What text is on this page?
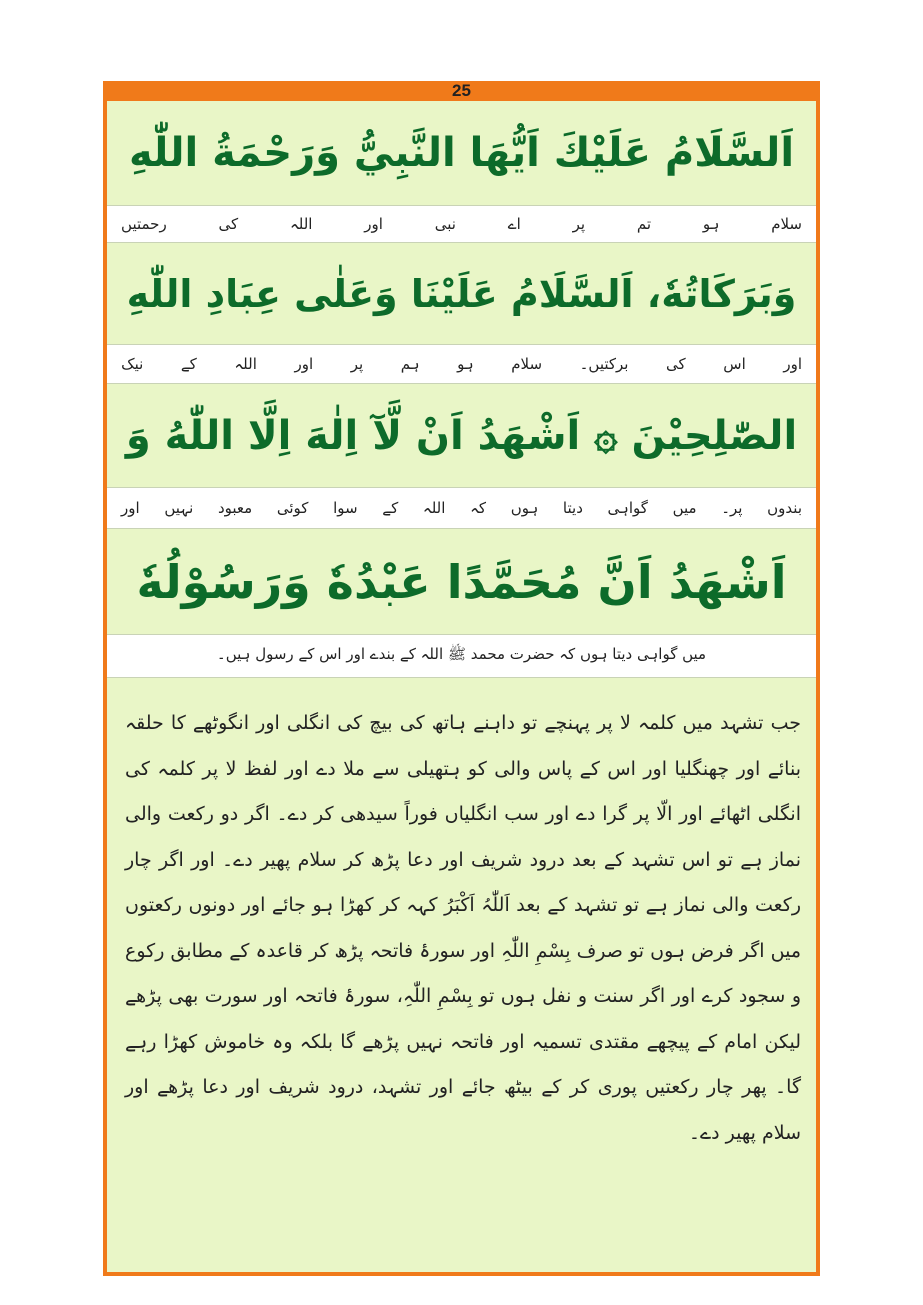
25
اَلسَّلَامُ عَلَيْكَ اَيُّهَا النَّبِيُّ وَرَحْمَةُ اللّٰهِ
سلام
ہو
تم
پر
اے
نبی
اور
اللہ
کی
رحمتیں
وَبَرَكَاتُهٗ، اَلسَّلَامُ عَلَيْنَا وَعَلٰى عِبَادِ اللّٰهِ
اور
اس
کی
برکتیں۔
سلام
ہو
ہم
پر
اور
اللہ
کے
نیک
الصّٰلِحِيْنَ ۞ اَشْهَدُ اَنْ لَّآ اِلٰهَ اِلَّا اللّٰهُ وَ
بندوں
پر۔
میں
گواہی
دیتا
ہوں
کہ
اللہ
کے
سوا
کوئی
معبود
نہیں
اور
اَشْهَدُ اَنَّ مُحَمَّدًا عَبْدُهٗ وَرَسُوْلُهٗ
میں گواہی دیتا ہوں کہ حضرت محمد ﷺ اللہ کے بندے اور اس کے رسول ہیں۔

جب تشہد میں کلمہ لا پر پہنچے تو داہنے ہاتھ کی بیچ کی انگلی اور انگوٹھے کا حلقہ بنائے اور چھنگلیا اور اس کے پاس والی کو ہتھیلی سے ملا دے اور لفظ لا پر کلمہ کی انگلی اٹھائے اور الّا پر گرا دے اور سب انگلیاں فوراً سیدھی کر دے۔ اگر دو رکعت والی نماز ہے تو اس تشہد کے بعد درود شریف اور دعا پڑھ کر سلام پھیر دے۔ اور اگر چار رکعت والی نماز ہے تو تشہد کے بعد اَللّٰہُ اَکْبَرُ کہہ کر کھڑا ہو جائے اور دونوں رکعتوں میں اگر فرض ہوں تو صرف بِسْمِ اللّٰہِ اور سورۂ فاتحہ پڑھ کر قاعدہ کے مطابق رکوع و سجود کرے اور اگر سنت و نفل ہوں تو بِسْمِ اللّٰہِ، سورۂ فاتحہ اور سورت بھی پڑھے لیکن امام کے پیچھے مقتدی تسمیہ اور فاتحہ نہیں پڑھے گا بلکہ وہ خاموش کھڑا رہے گا۔ پھر چار رکعتیں پوری کر کے بیٹھ جائے اور تشہد، درود شریف اور دعا پڑھے اور سلام پھیر دے۔
